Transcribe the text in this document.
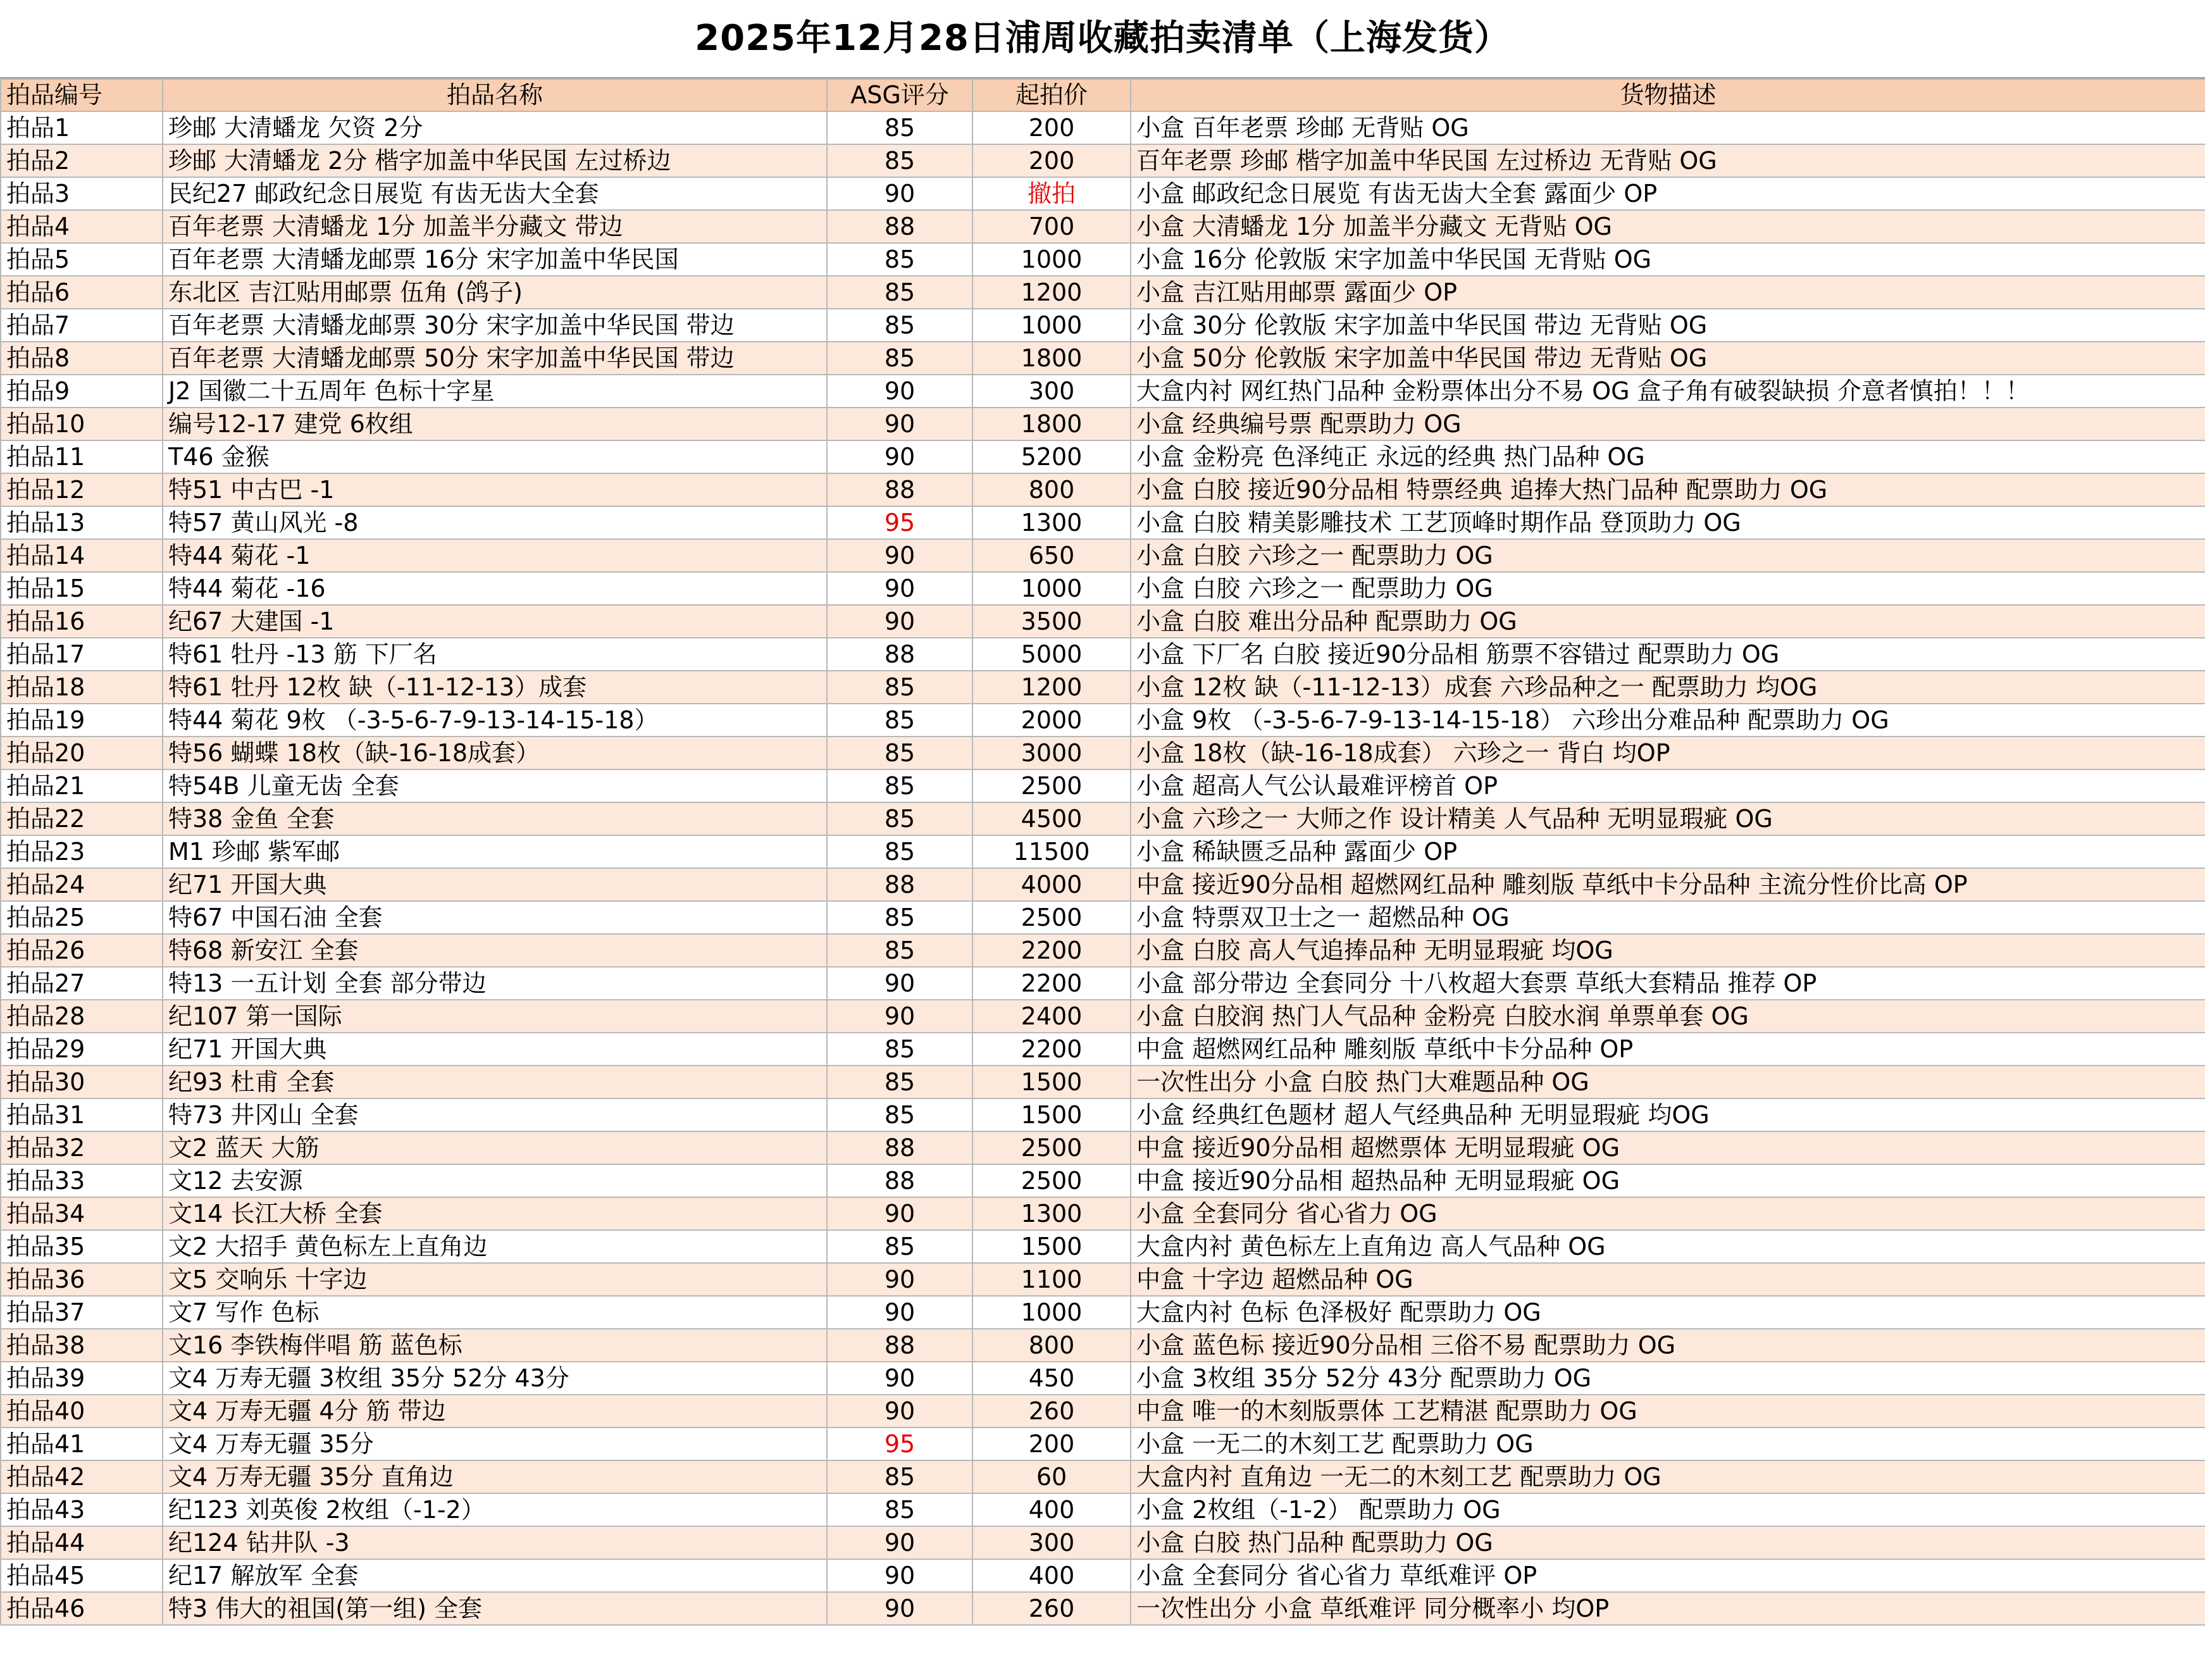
2025年12月28日浦周收藏拍卖清单（上海发货）
拍品编号	拍品名称	ASG评分	起拍价	货物描述
拍品1	珍邮 大清蟠龙 欠资 2分	85	200	小盒 百年老票 珍邮 无背贴 OG
拍品2	珍邮 大清蟠龙 2分 楷字加盖中华民国 左过桥边	85	200	百年老票 珍邮 楷字加盖中华民国 左过桥边 无背贴 OG
拍品3	民纪27 邮政纪念日展览 有齿无齿大全套	90	撤拍	小盒 邮政纪念日展览 有齿无齿大全套 露面少 OP
拍品4	百年老票 大清蟠龙 1分 加盖半分藏文 带边	88	700	小盒 大清蟠龙 1分 加盖半分藏文 无背贴 OG
拍品5	百年老票 大清蟠龙邮票 16分 宋字加盖中华民国	85	1000	小盒 16分 伦敦版 宋字加盖中华民国 无背贴 OG
拍品6	东北区 吉江贴用邮票 伍角 (鸽子)	85	1200	小盒 吉江贴用邮票 露面少 OP
拍品7	百年老票 大清蟠龙邮票 30分 宋字加盖中华民国 带边	85	1000	小盒 30分 伦敦版 宋字加盖中华民国 带边 无背贴 OG
拍品8	百年老票 大清蟠龙邮票 50分 宋字加盖中华民国 带边	85	1800	小盒 50分 伦敦版 宋字加盖中华民国 带边 无背贴 OG
拍品9	J2 国徽二十五周年 色标十字星	90	300	大盒内衬 网红热门品种 金粉票体出分不易 OG 盒子角有破裂缺损 介意者慎拍！！！
拍品10	编号12-17 建党 6枚组	90	1800	小盒 经典编号票 配票助力 OG
拍品11	T46 金猴	90	5200	小盒 金粉亮 色泽纯正 永远的经典 热门品种 OG
拍品12	特51 中古巴 -1	88	800	小盒 白胶 接近90分品相 特票经典 追捧大热门品种 配票助力 OG
拍品13	特57 黄山风光 -8	95	1300	小盒 白胶 精美影雕技术 工艺顶峰时期作品 登顶助力 OG
拍品14	特44 菊花 -1	90	650	小盒 白胶 六珍之一 配票助力 OG
拍品15	特44 菊花 -16	90	1000	小盒 白胶 六珍之一 配票助力 OG
拍品16	纪67 大建国 -1	90	3500	小盒 白胶 难出分品种 配票助力 OG
拍品17	特61 牡丹 -13 筋 下厂名	88	5000	小盒 下厂名 白胶 接近90分品相 筋票不容错过 配票助力 OG
拍品18	特61 牡丹 12枚 缺（-11-12-13）成套	85	1200	小盒 12枚 缺（-11-12-13）成套 六珍品种之一 配票助力 均OG
拍品19	特44 菊花 9枚 （-3-5-6-7-9-13-14-15-18）	85	2000	小盒 9枚 （-3-5-6-7-9-13-14-15-18） 六珍出分难品种 配票助力 OG
拍品20	特56 蝴蝶 18枚（缺-16-18成套）	85	3000	小盒 18枚（缺-16-18成套） 六珍之一 背白 均OP
拍品21	特54B 儿童无齿 全套	85	2500	小盒 超高人气公认最难评榜首 OP
拍品22	特38 金鱼 全套	85	4500	小盒 六珍之一 大师之作 设计精美 人气品种 无明显瑕疵 OG
拍品23	M1 珍邮 紫军邮	85	11500	小盒 稀缺匮乏品种 露面少 OP
拍品24	纪71 开国大典	88	4000	中盒 接近90分品相 超燃网红品种 雕刻版 草纸中卡分品种 主流分性价比高 OP
拍品25	特67 中国石油 全套	85	2500	小盒 特票双卫士之一 超燃品种 OG
拍品26	特68 新安江 全套	85	2200	小盒 白胶 高人气追捧品种 无明显瑕疵 均OG
拍品27	特13 一五计划 全套 部分带边	90	2200	小盒 部分带边 全套同分 十八枚超大套票 草纸大套精品 推荐 OP
拍品28	纪107 第一国际	90	2400	小盒 白胶润 热门人气品种 金粉亮 白胶水润 单票单套 OG
拍品29	纪71 开国大典	85	2200	中盒 超燃网红品种 雕刻版 草纸中卡分品种 OP
拍品30	纪93 杜甫 全套	85	1500	一次性出分 小盒 白胶 热门大难题品种 OG
拍品31	特73 井冈山 全套	85	1500	小盒 经典红色题材 超人气经典品种 无明显瑕疵 均OG
拍品32	文2 蓝天 大筋	88	2500	中盒 接近90分品相 超燃票体 无明显瑕疵 OG
拍品33	文12 去安源	88	2500	中盒 接近90分品相 超热品种 无明显瑕疵 OG
拍品34	文14 长江大桥 全套	90	1300	小盒 全套同分 省心省力 OG
拍品35	文2 大招手 黄色标左上直角边	85	1500	大盒内衬 黄色标左上直角边 高人气品种 OG
拍品36	文5 交响乐 十字边	90	1100	中盒 十字边 超燃品种 OG
拍品37	文7 写作 色标	90	1000	大盒内衬 色标 色泽极好 配票助力 OG
拍品38	文16 李铁梅伴唱 筋 蓝色标	88	800	小盒 蓝色标 接近90分品相 三俗不易 配票助力 OG
拍品39	文4 万寿无疆 3枚组 35分 52分 43分	90	450	小盒 3枚组 35分 52分 43分 配票助力 OG
拍品40	文4 万寿无疆 4分 筋 带边	90	260	中盒 唯一的木刻版票体 工艺精湛 配票助力 OG
拍品41	文4 万寿无疆 35分	95	200	小盒 一无二的木刻工艺 配票助力 OG
拍品42	文4 万寿无疆 35分 直角边	85	60	大盒内衬 直角边 一无二的木刻工艺 配票助力 OG
拍品43	纪123 刘英俊 2枚组（-1-2）	85	400	小盒 2枚组（-1-2） 配票助力 OG
拍品44	纪124 钻井队 -3	90	300	小盒 白胶 热门品种 配票助力 OG
拍品45	纪17 解放军 全套	90	400	小盒 全套同分 省心省力 草纸难评 OP
拍品46	特3 伟大的祖国(第一组) 全套	90	260	一次性出分 小盒 草纸难评 同分概率小 均OP
